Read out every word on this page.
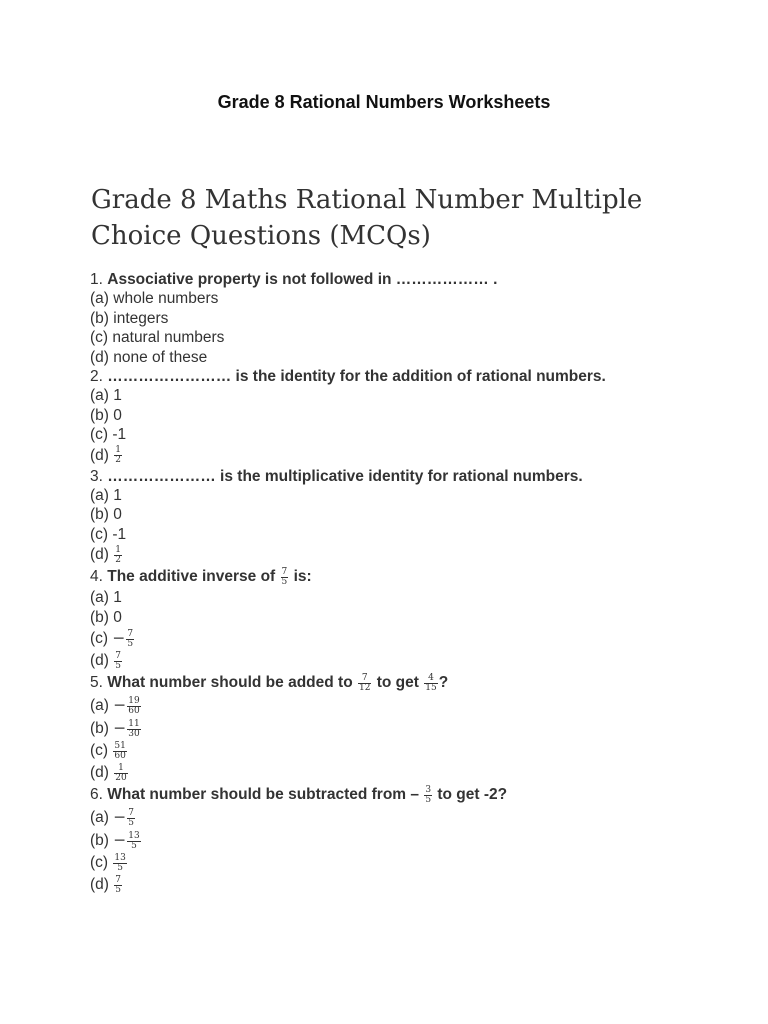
Grade 8 Rational Numbers Worksheets
Grade 8 Maths Rational Number Multiple Choice Questions (MCQs)
1. Associative property is not followed in ……………… .
(a) whole numbers
(b) integers
(c) natural numbers
(d) none of these
2. …………………… is the identity for the addition of rational numbers.
(a) 1
(b) 0
(c) -1
$(d) \frac{1}{2}$
3. ………………… is the multiplicative identity for rational numbers.
(a) 1
(b) 0
(c) -1
$(d) \frac{1}{2}$
4. The additive inverse of $\frac{7}{5}$ is:
(a) 1
(b) 0
$(c) - \frac{7}{5}$
$(d) \frac{7}{5}$
5. What number should be added to $\frac{7}{12}$ to get $\frac{4}{15}$ ?
$(a) - \frac{19}{60}$
$(b) - \frac{11}{30}$
$(c) \frac{51}{60}$
$(d) \frac{1}{20}$
6. What number should be subtracted from – $\frac{3}{5}$ to get -2?
$(a) - \frac{7}{5}$
$(b) - \frac{13}{5}$
$(c) \frac{13}{5}$
$(d) \frac{7}{5}$
